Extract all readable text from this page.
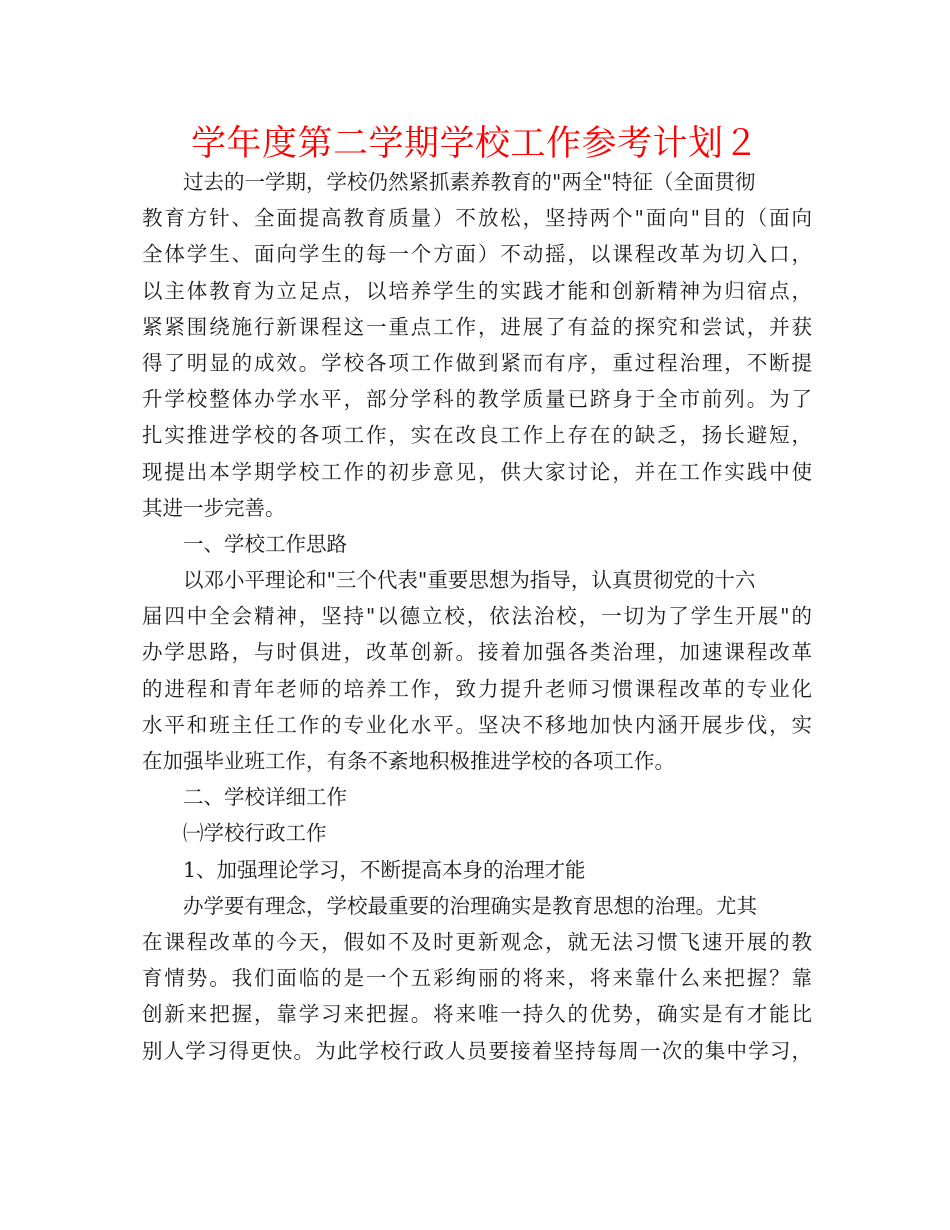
学年度第二学期学校工作参考计划２
过去的一学期，学校仍然紧抓素养教育的"两全"特征（全面贯彻
教育方针、全面提高教育质量）不放松，坚持两个"面向"目的（面向
全体学生、面向学生的每一个方面）不动摇，以课程改革为切入口，
以主体教育为立足点，以培养学生的实践才能和创新精神为归宿点，
紧紧围绕施行新课程这一重点工作，进展了有益的探究和尝试，并获
得了明显的成效。学校各项工作做到紧而有序，重过程治理，不断提
升学校整体办学水平，部分学科的教学质量已跻身于全市前列。为了
扎实推进学校的各项工作，实在改良工作上存在的缺乏，扬长避短，
现提出本学期学校工作的初步意见，供大家讨论，并在工作实践中使
其进一步完善。
一、学校工作思路
以邓小平理论和"三个代表"重要思想为指导，认真贯彻党的十六
届四中全会精神，坚持"以德立校，依法治校，一切为了学生开展"的
办学思路，与时俱进，改革创新。接着加强各类治理，加速课程改革
的进程和青年老师的培养工作，致力提升老师习惯课程改革的专业化
水平和班主任工作的专业化水平。坚决不移地加快内涵开展步伐，实
在加强毕业班工作，有条不紊地积极推进学校的各项工作。
二、学校详细工作
㈠学校行政工作
1、加强理论学习，不断提高本身的治理才能
办学要有理念，学校最重要的治理确实是教育思想的治理。尤其
在课程改革的今天，假如不及时更新观念，就无法习惯飞速开展的教
育情势。我们面临的是一个五彩绚丽的将来，将来靠什么来把握？靠
创新来把握，靠学习来把握。将来唯一持久的优势，确实是有才能比
别人学习得更快。为此学校行政人员要接着坚持每周一次的集中学习，
